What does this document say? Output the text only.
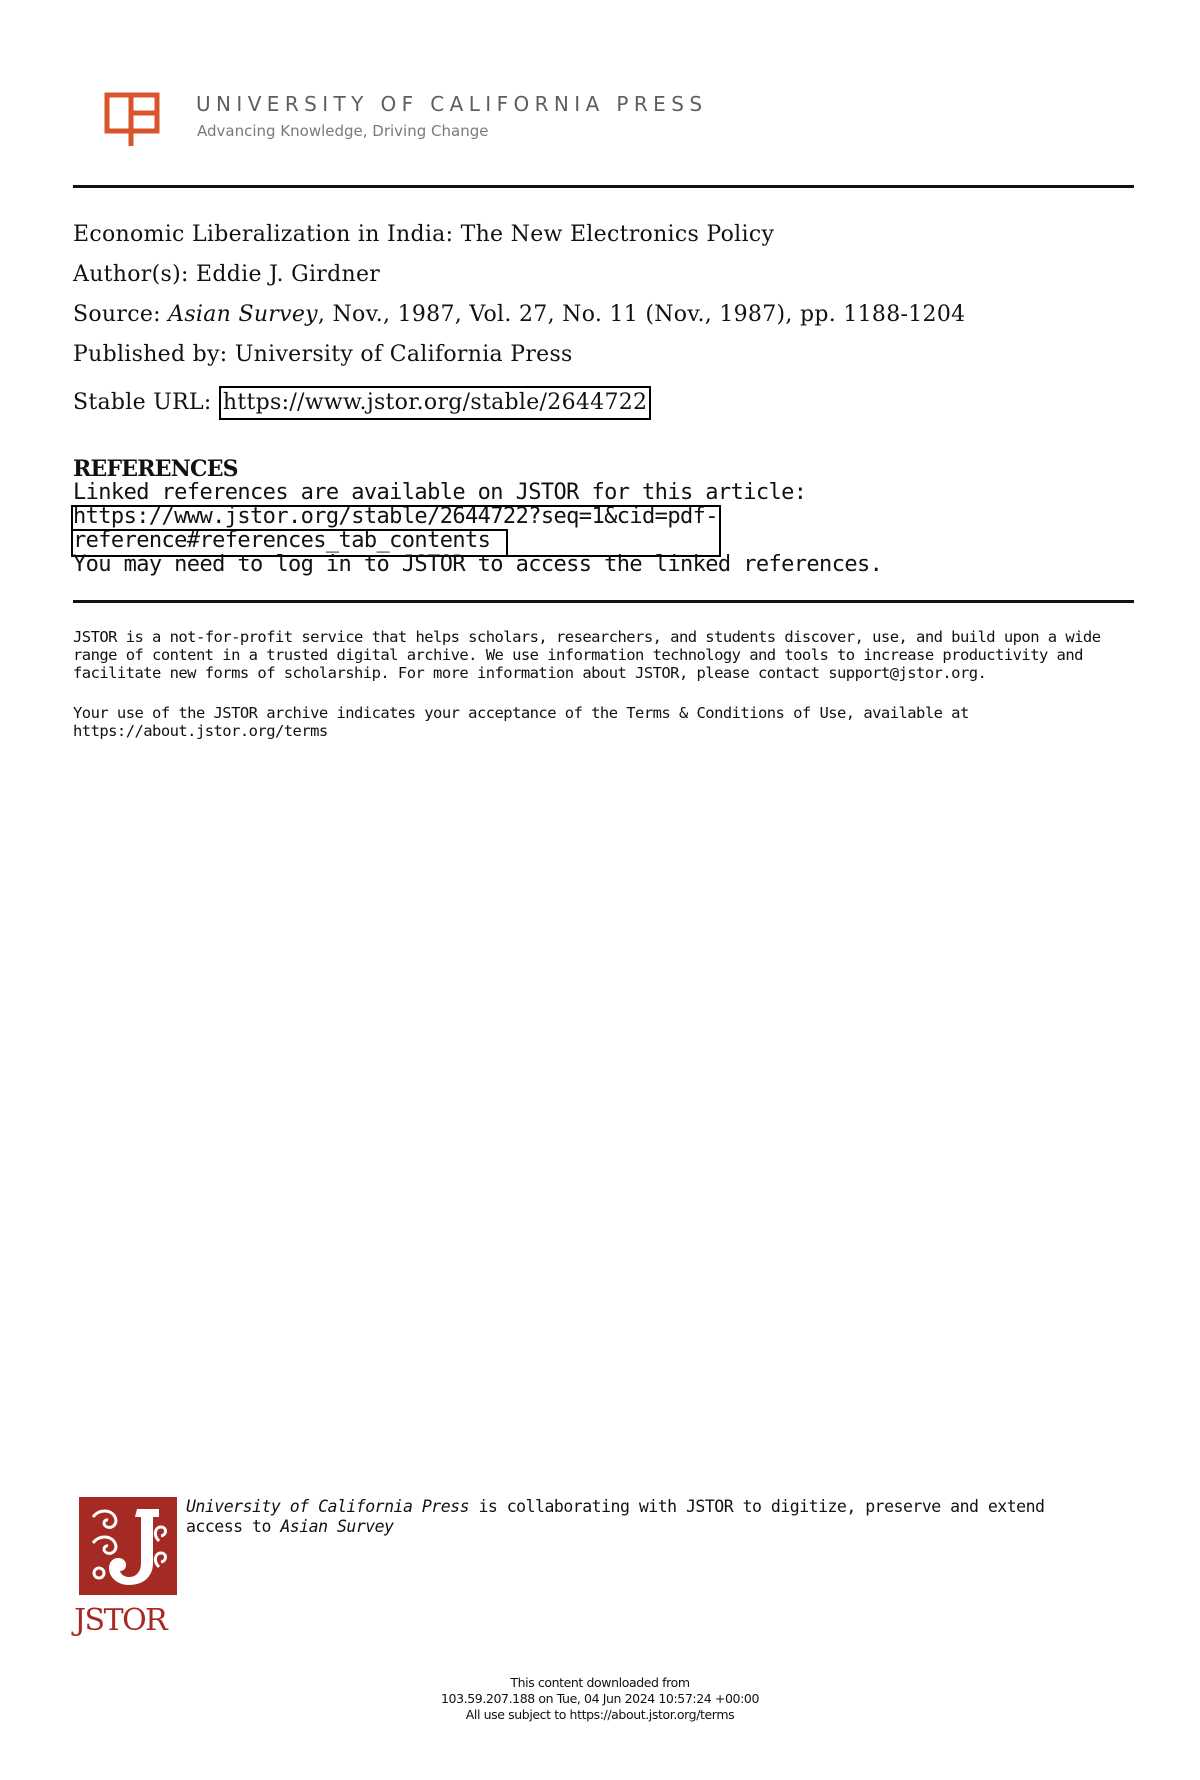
UNIVERSITY OF CALIFORNIA PRESS
Advancing Knowledge, Driving Change
Economic Liberalization in India: The New Electronics Policy
Author(s): Eddie J. Girdner
Source: Asian Survey, Nov., 1987, Vol. 27, No. 11 (Nov., 1987), pp. 1188-1204
Published by: University of California Press
Stable URL: https://www.jstor.org/stable/2644722
REFERENCES
Linked references are available on JSTOR for this article:
https://www.jstor.org/stable/2644722?seq=1&cid=pdf-
reference#references_tab_contents
You may need to log in to JSTOR to access the linked references.
JSTOR is a not-for-profit service that helps scholars, researchers, and students discover, use, and build upon a wide
range of content in a trusted digital archive. We use information technology and tools to increase productivity and
facilitate new forms of scholarship. For more information about JSTOR, please contact support@jstor.org.
Your use of the JSTOR archive indicates your acceptance of the Terms & Conditions of Use, available at
https://about.jstor.org/terms
JSTOR
University of California Press is collaborating with JSTOR to digitize, preserve and extend
access to Asian Survey
This content downloaded from
103.59.207.188 on Tue, 04 Jun 2024 10:57:24 +00:00
All use subject to https://about.jstor.org/terms
